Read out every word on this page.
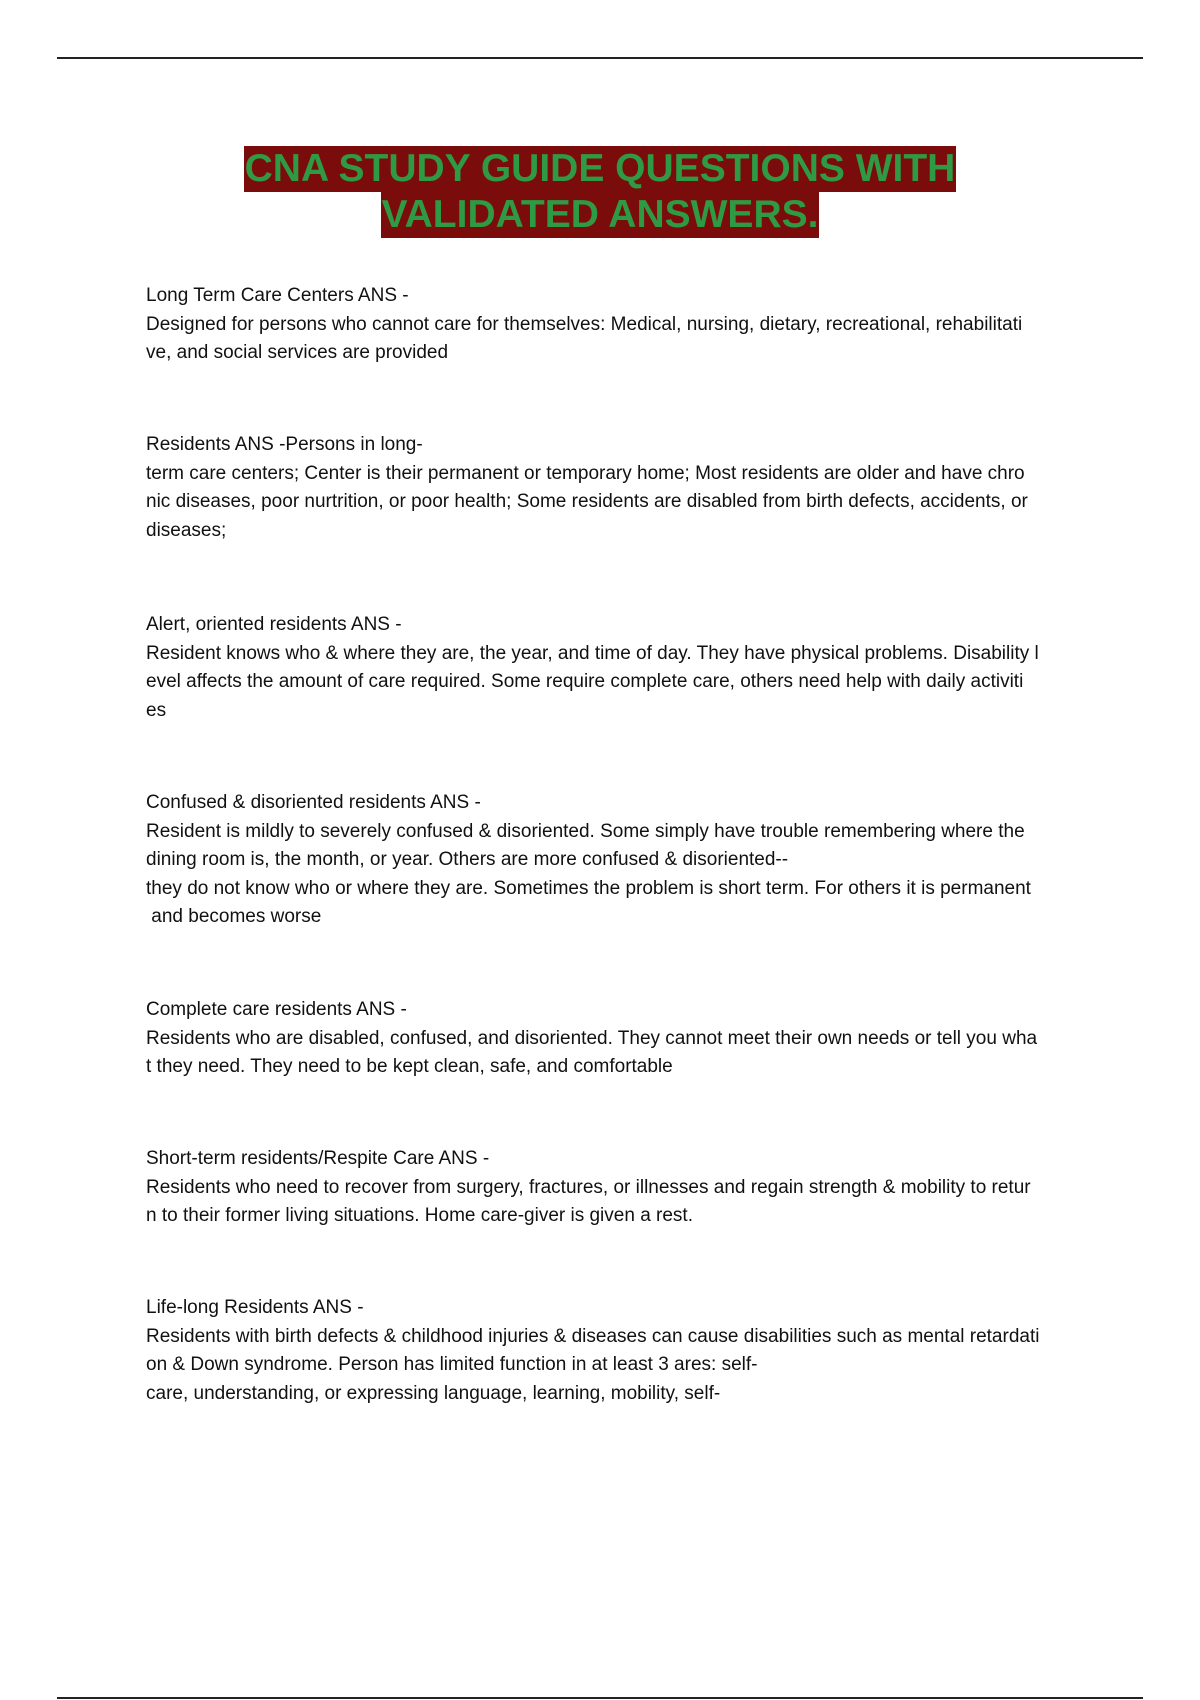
CNA STUDY GUIDE QUESTIONS WITH
VALIDATED ANSWERS.
Long Term Care Centers ANS -
Designed for persons who cannot care for themselves: Medical, nursing, dietary, recreational, rehabilitati
ve, and social services are provided
Residents ANS -Persons in long-
term care centers; Center is their permanent or temporary home; Most residents are older and have chro
nic diseases, poor nurtrition, or poor health; Some residents are disabled from birth defects, accidents, or
diseases;
Alert, oriented residents ANS -
Resident knows who & where they are, the year, and time of day. They have physical problems. Disability l
evel affects the amount of care required. Some require complete care, others need help with daily activiti
es
Confused & disoriented residents ANS -
Resident is mildly to severely confused & disoriented. Some simply have trouble remembering where the
dining room is, the month, or year. Others are more confused & disoriented--
they do not know who or where they are. Sometimes the problem is short term. For others it is permanent
and becomes worse
Complete care residents ANS -
Residents who are disabled, confused, and disoriented. They cannot meet their own needs or tell you wha
t they need. They need to be kept clean, safe, and comfortable
Short-term residents/Respite Care ANS -
Residents who need to recover from surgery, fractures, or illnesses and regain strength & mobility to retur
n to their former living situations. Home care-giver is given a rest.
Life-long Residents ANS -
Residents with birth defects & childhood injuries & diseases can cause disabilities such as mental retardati
on & Down syndrome. Person has limited function in at least 3 ares: self-
care, understanding, or expressing language, learning, mobility, self-
